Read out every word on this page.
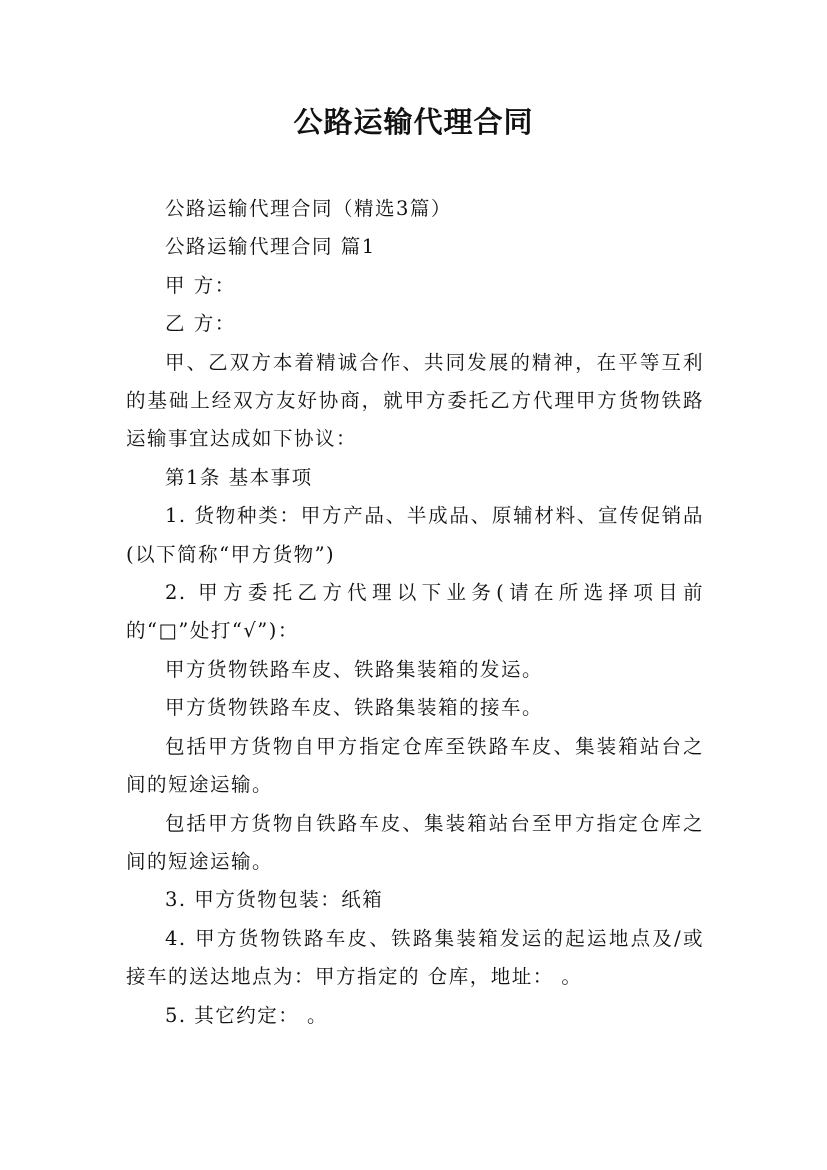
公路运输代理合同

公路运输代理合同（精选3篇）

公路运输代理合同 篇1

甲 方：

乙 方：

甲、乙双方本着精诚合作、共同发展的精神，在平等互利的基础上经双方友好协商，就甲方委托乙方代理甲方货物铁路运输事宜达成如下协议：

第1条 基本事项

1. 货物种类：甲方产品、半成品、原辅材料、宣传促销品(以下简称“甲方货物”)

2. 甲方委托乙方代理以下业务(请在所选择项目前的“□”处打“√”)：

甲方货物铁路车皮、铁路集装箱的发运。

甲方货物铁路车皮、铁路集装箱的接车。

包括甲方货物自甲方指定仓库至铁路车皮、集装箱站台之间的短途运输。

包括甲方货物自铁路车皮、集装箱站台至甲方指定仓库之间的短途运输。

3. 甲方货物包装：纸箱

4. 甲方货物铁路车皮、铁路集装箱发运的起运地点及/或接车的送达地点为：甲方指定的 仓库，地址： 。

5. 其它约定： 。
